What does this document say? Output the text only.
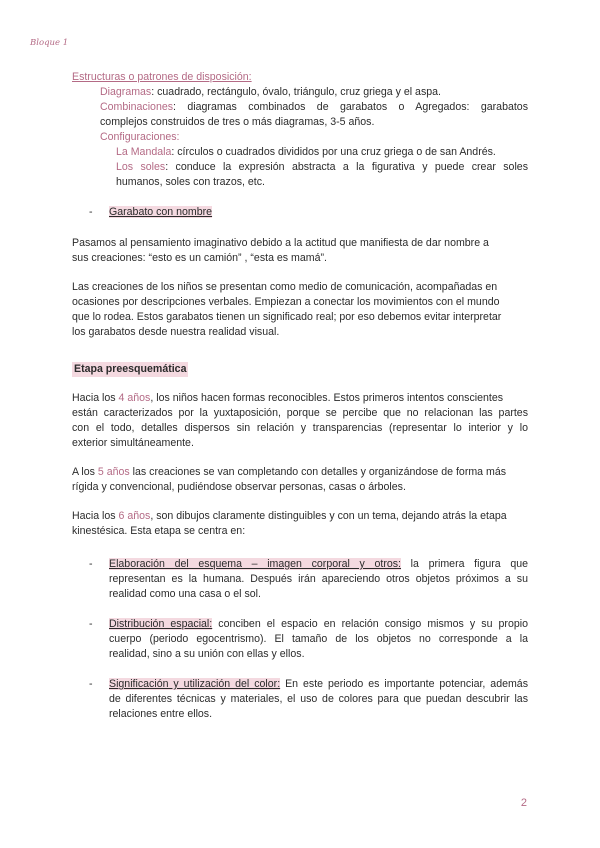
Bloque 1
Estructuras o patrones de disposición:
Diagramas: cuadrado, rectángulo, óvalo, triángulo, cruz griega y el aspa.
Combinaciones: diagramas combinados de garabatos o Agregados: garabatos
complejos construidos de tres o más diagramas, 3-5 años.
Configuraciones:
La Mandala: círculos o cuadrados divididos por una cruz griega o de san Andrés.
Los soles: conduce la expresión abstracta a la figurativa y puede crear soles
humanos, soles con trazos, etc.
- Garabato con nombre
Pasamos al pensamiento imaginativo debido a la actitud que manifiesta de dar nombre a
sus creaciones: “esto es un camión” , “esta es mamá”.
Las creaciones de los niños se presentan como medio de comunicación, acompañadas en
ocasiones por descripciones verbales. Empiezan a conectar los movimientos con el mundo
que lo rodea. Estos garabatos tienen un significado real; por eso debemos evitar interpretar
los garabatos desde nuestra realidad visual.
Etapa preesquemática
Hacia los 4 años, los niños hacen formas reconocibles. Estos primeros intentos conscientes
están caracterizados por la yuxtaposición, porque se percibe que no relacionan las partes
con el todo, detalles dispersos sin relación y transparencias (representar lo interior y lo
exterior simultáneamente.
A los 5 años las creaciones se van completando con detalles y organizándose de forma más
rígida y convencional, pudiéndose observar personas, casas o árboles.
Hacia los 6 años, son dibujos claramente distinguibles y con un tema, dejando atrás la etapa
kinestésica. Esta etapa se centra en:
- Elaboración del esquema – imagen corporal y otros: la primera figura que
representan es la humana. Después irán apareciendo otros objetos próximos a su
realidad como una casa o el sol.
- Distribución espacial: conciben el espacio en relación consigo mismos y su propio
cuerpo (periodo egocentrismo). El tamaño de los objetos no corresponde a la
realidad, sino a su unión con ellas y ellos.
- Significación y utilización del color: En este periodo es importante potenciar, además
de diferentes técnicas y materiales, el uso de colores para que puedan descubrir las
relaciones entre ellos.
2
